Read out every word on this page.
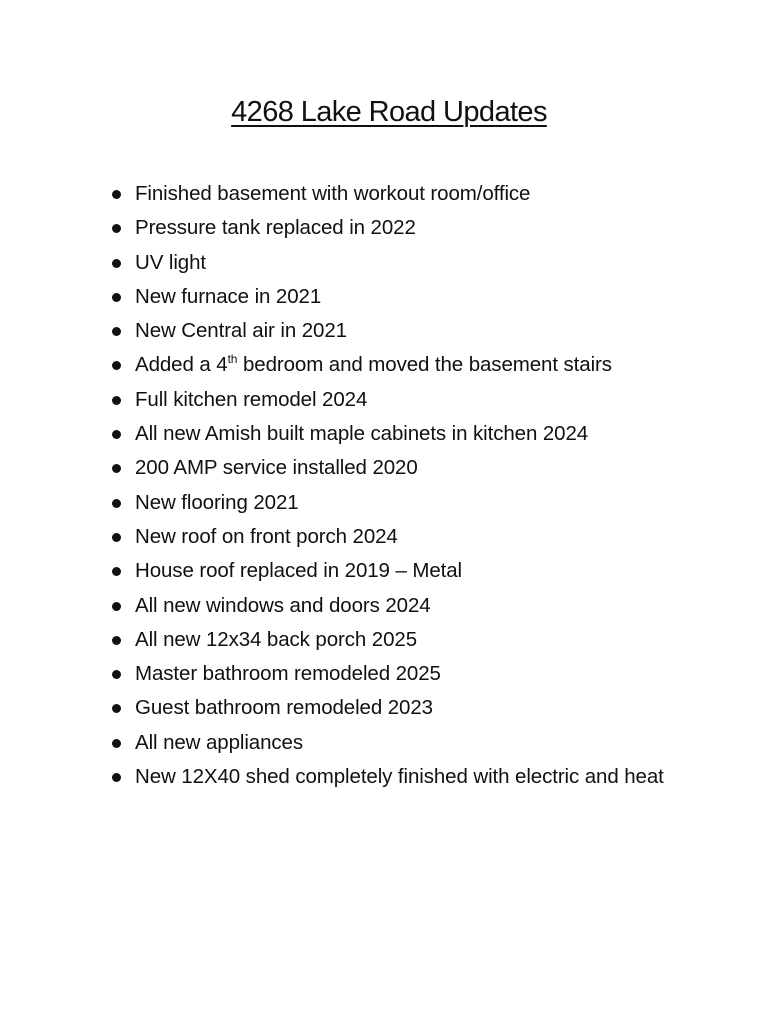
4268 Lake Road Updates
Finished basement with workout room/office
Pressure tank replaced in 2022
UV light
New furnace in 2021
New Central air in 2021
Added a 4th bedroom and moved the basement stairs
Full kitchen remodel 2024
All new Amish built maple cabinets in kitchen 2024
200 AMP service installed 2020
New flooring 2021
New roof on front porch 2024
House roof replaced in 2019 – Metal
All new windows and doors 2024
All new 12x34 back porch 2025
Master bathroom remodeled 2025
Guest bathroom remodeled 2023
All new appliances
New 12X40 shed completely finished with electric and heat
